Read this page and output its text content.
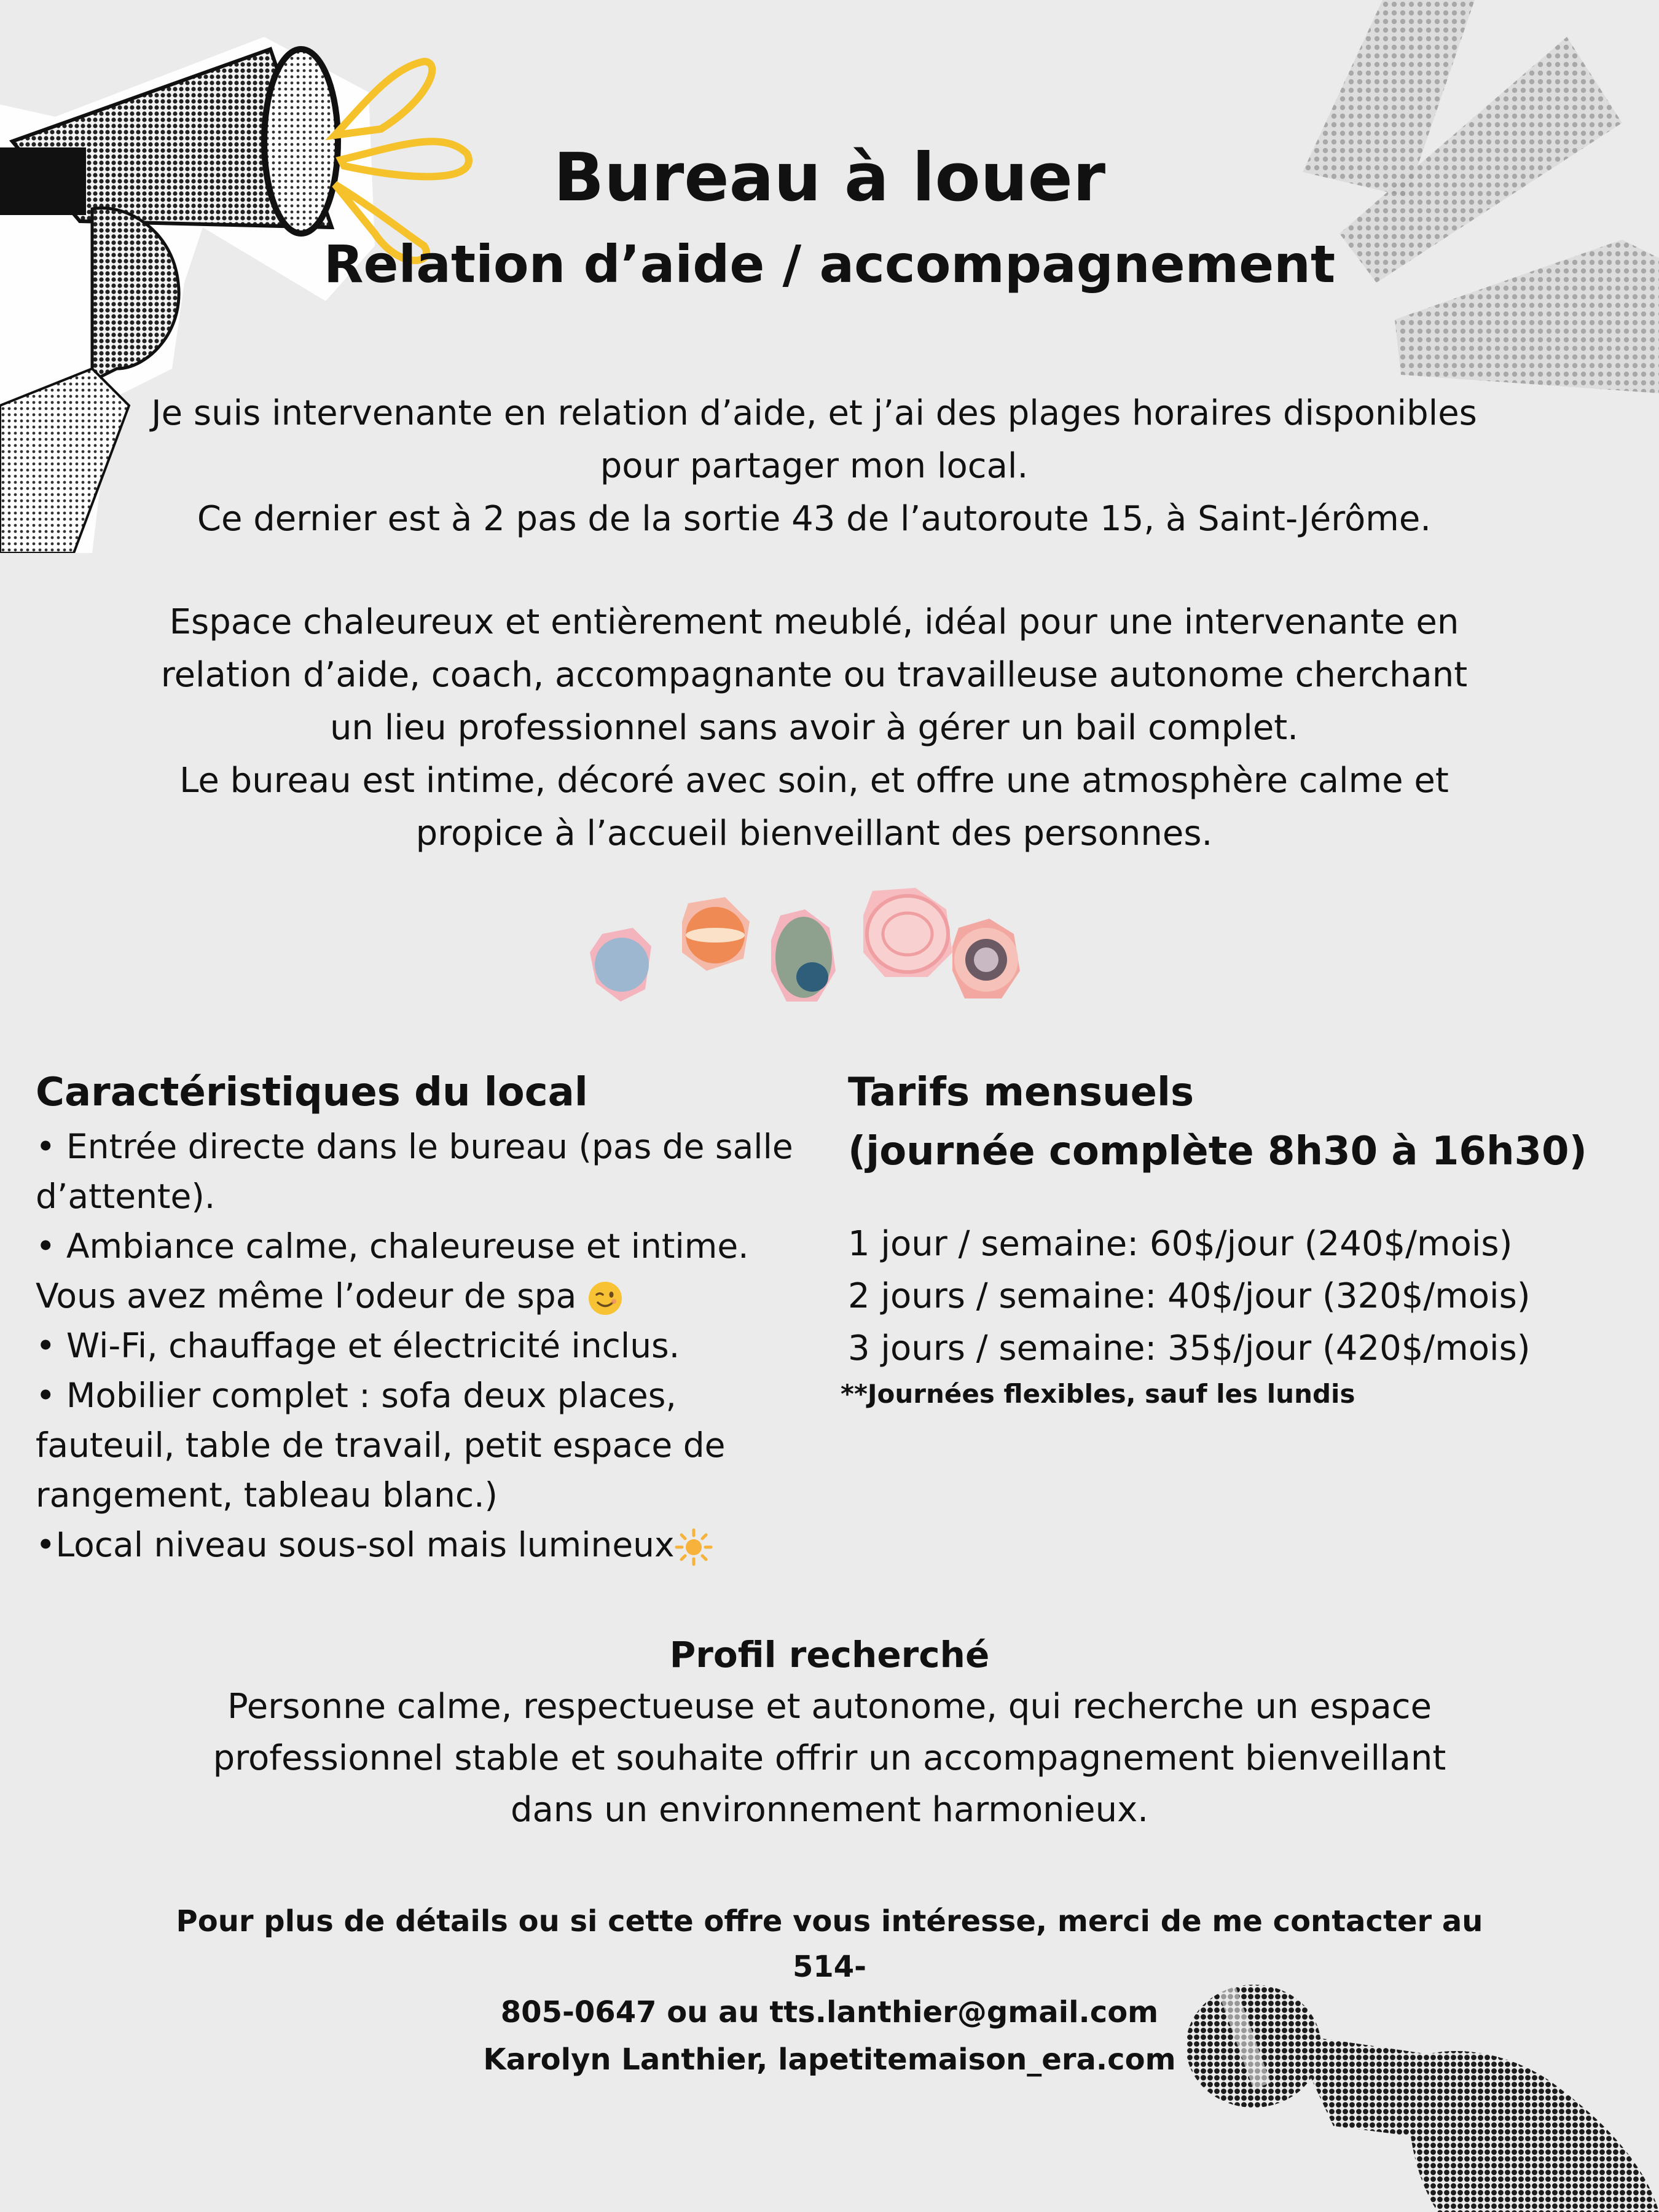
Bureau à louer
Relation d’aide / accompagnement

Je suis intervenante en relation d’aide, et j’ai des plages horaires disponibles

pour partager mon local.

Ce dernier est à 2 pas de la sortie 43 de l’autoroute 15, à Saint-Jérôme.

Espace chaleureux et entièrement meublé, idéal pour une intervenante en

relation d’aide, coach, accompagnante ou travailleuse autonome cherchant

un lieu professionnel sans avoir à gérer un bail complet.

Le bureau est intime, décoré avec soin, et offre une atmosphère calme et

propice à l’accueil bienveillant des personnes.

Caractéristiques du local
• Entrée directe dans le bureau (pas de salle
d’attente).
• Ambiance calme, chaleureuse et intime.
Vous avez même l’odeur de spa
• Wi-Fi, chauffage et électricité inclus.
• Mobilier complet : sofa deux places,
fauteuil, table de travail, petit espace de
rangement, tableau blanc.)
•Local niveau sous-sol mais lumineux
Tarifs mensuels
(journée complète 8h30 à 16h30)
1 jour / semaine: 60$/jour (240$/mois)
2 jours / semaine: 40$/jour (320$/mois)
3 jours / semaine: 35$/jour (420$/mois)
**Journées flexibles, sauf les lundis
Profil recherché

Personne calme, respectueuse et autonome, qui recherche un espace

professionnel stable et souhaite offrir un accompagnement bienveillant

dans un environnement harmonieux.

Pour plus de détails ou si cette offre vous intéresse, merci de me contacter au 514-
805-0647 ou au tts.lanthier@gmail.com
Karolyn Lanthier, lapetitemaison_era.com
